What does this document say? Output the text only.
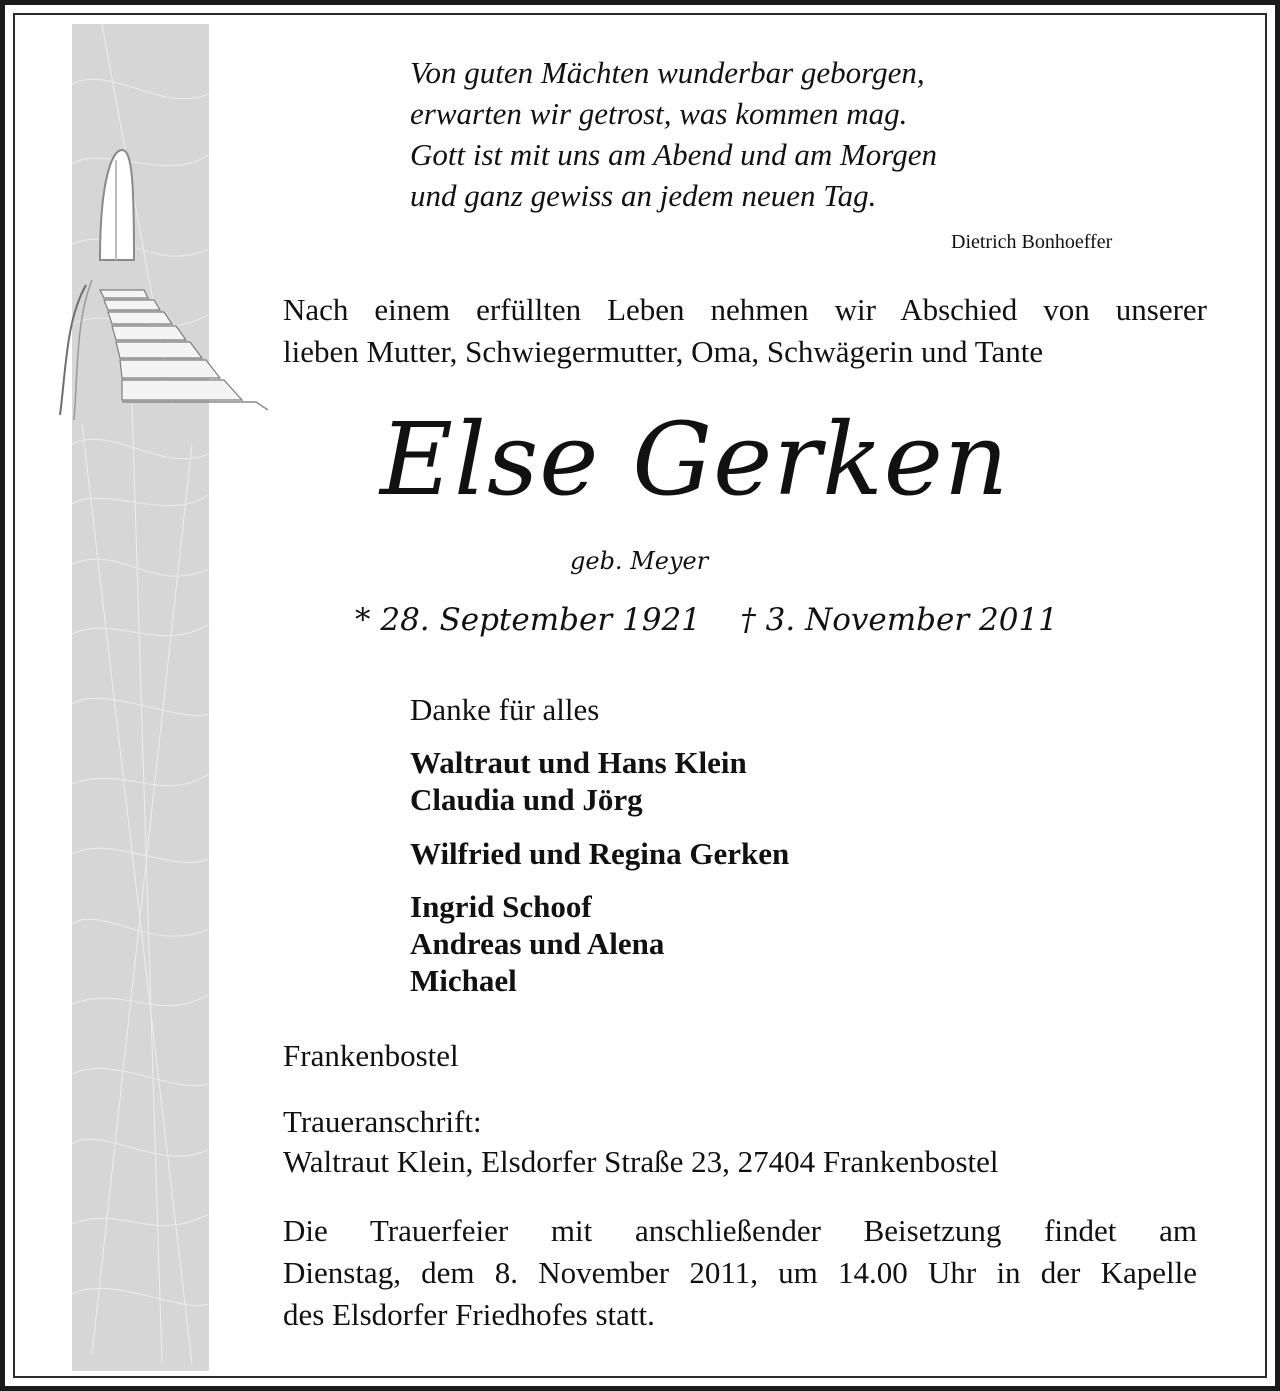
Von guten Mächten wunderbar geborgen,
erwarten wir getrost, was kommen mag.
Gott ist mit uns am Abend und am Morgen
und ganz gewiss an jedem neuen Tag.
Dietrich Bonhoeffer
Nach einem erfüllten Leben nehmen wir Abschied von unserer
lieben Mutter, Schwiegermutter, Oma, Schwägerin und Tante
Else Gerken
geb. Meyer
* 28. September 1921    † 3. November 2011
Danke für alles
Waltraut und Hans Klein
Claudia und Jörg
Wilfried und Regina Gerken
Ingrid Schoof
Andreas und Alena
Michael
Frankenbostel
Traueranschrift:
Waltraut Klein, Elsdorfer Straße 23, 27404 Frankenbostel
Die Trauerfeier mit anschließender Beisetzung findet am
Dienstag, dem 8. November 2011, um 14.00 Uhr in der Kapelle
des Elsdorfer Friedhofes statt.
